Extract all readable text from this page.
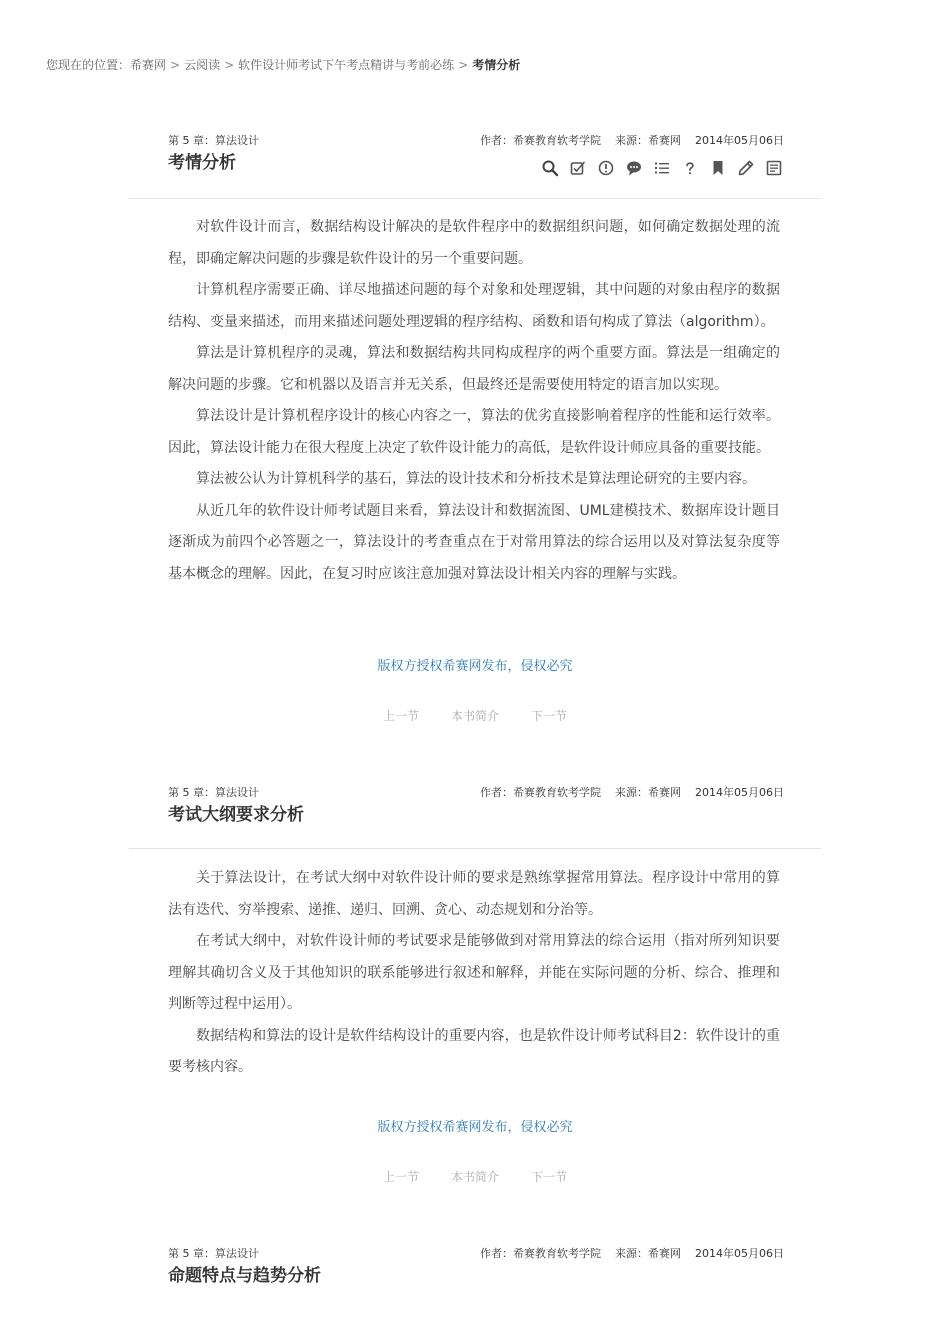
您现在的位置：希赛网 > 云阅读 > 软件设计师考试下午考点精讲与考前必练 > 考情分析
第 5 章：算法设计	作者：希赛教育软考学院 来源：希赛网 2014年05月06日
考情分析

对软件设计而言，数据结构设计解决的是软件程序中的数据组织问题，如何确定数据处理的流程，即确定解决问题的步骤是软件设计的另一个重要问题。

计算机程序需要正确、详尽地描述问题的每个对象和处理逻辑，其中问题的对象由程序的数据结构、变量来描述，而用来描述问题处理逻辑的程序结构、函数和语句构成了算法（algorithm）。

算法是计算机程序的灵魂，算法和数据结构共同构成程序的两个重要方面。算法是一组确定的解决问题的步骤。它和机器以及语言并无关系，但最终还是需要使用特定的语言加以实现。

算法设计是计算机程序设计的核心内容之一，算法的优劣直接影响着程序的性能和运行效率。因此，算法设计能力在很大程度上决定了软件设计能力的高低，是软件设计师应具备的重要技能。

算法被公认为计算机科学的基石，算法的设计技术和分析技术是算法理论研究的主要内容。

从近几年的软件设计师考试题目来看，算法设计和数据流图、UML建模技术、数据库设计题目逐渐成为前四个必答题之一，算法设计的考查重点在于对常用算法的综合运用以及对算法复杂度等基本概念的理解。因此，在复习时应该注意加强对算法设计相关内容的理解与实践。

版权方授权希赛网发布，侵权必究
上一节	本书简介	下一节
第 5 章：算法设计	作者：希赛教育软考学院 来源：希赛网 2014年05月06日
考试大纲要求分析

关于算法设计，在考试大纲中对软件设计师的要求是熟练掌握常用算法。程序设计中常用的算法有迭代、穷举搜索、递推、递归、回溯、贪心、动态规划和分治等。

在考试大纲中，对软件设计师的考试要求是能够做到对常用算法的综合运用（指对所列知识要理解其确切含义及于其他知识的联系能够进行叙述和解释，并能在实际问题的分析、综合、推理和判断等过程中运用）。

数据结构和算法的设计是软件结构设计的重要内容，也是软件设计师考试科目2：软件设计的重要考核内容。

版权方授权希赛网发布，侵权必究
上一节	本书简介	下一节
第 5 章：算法设计	作者：希赛教育软考学院 来源：希赛网 2014年05月06日
命题特点与趋势分析
